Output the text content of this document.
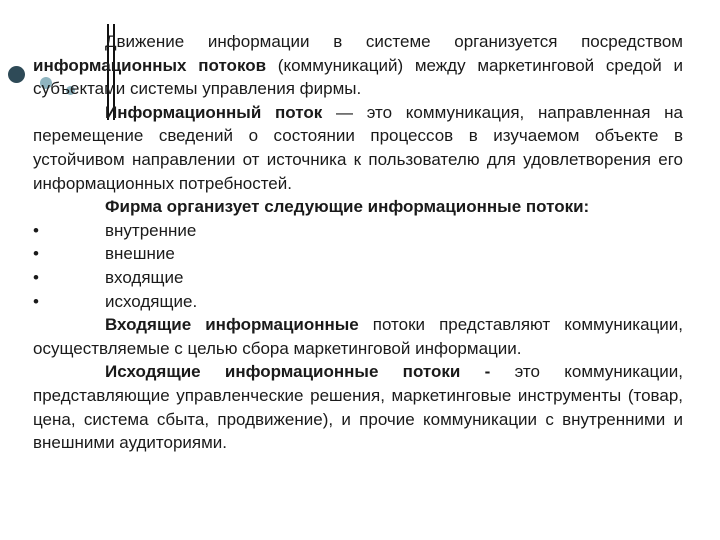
Движение информации в системе организуется посредством информационных потоков (коммуникаций) между маркетинговой средой и субъектами системы управления фирмы.

Информационный поток — это коммуникация, направленная на перемещение сведений о состоянии процессов в изучаемом объекте в устойчивом направлении от источника к пользователю для удовлетворения его информационных потребностей.

Фирма организует следующие информационные потоки:

•	внутренние
•	внешние
•	входящие
•	исходящие.

Входящие информационные потоки представляют коммуникации, осуществляемые с целью сбора маркетинговой информации.

Исходящие информационные потоки - это коммуникации, представляющие управленческие решения, маркетинговые инструменты (товар, цена, система сбыта, продвижение), и прочие коммуникации с внутренними и внешними аудиториями.
